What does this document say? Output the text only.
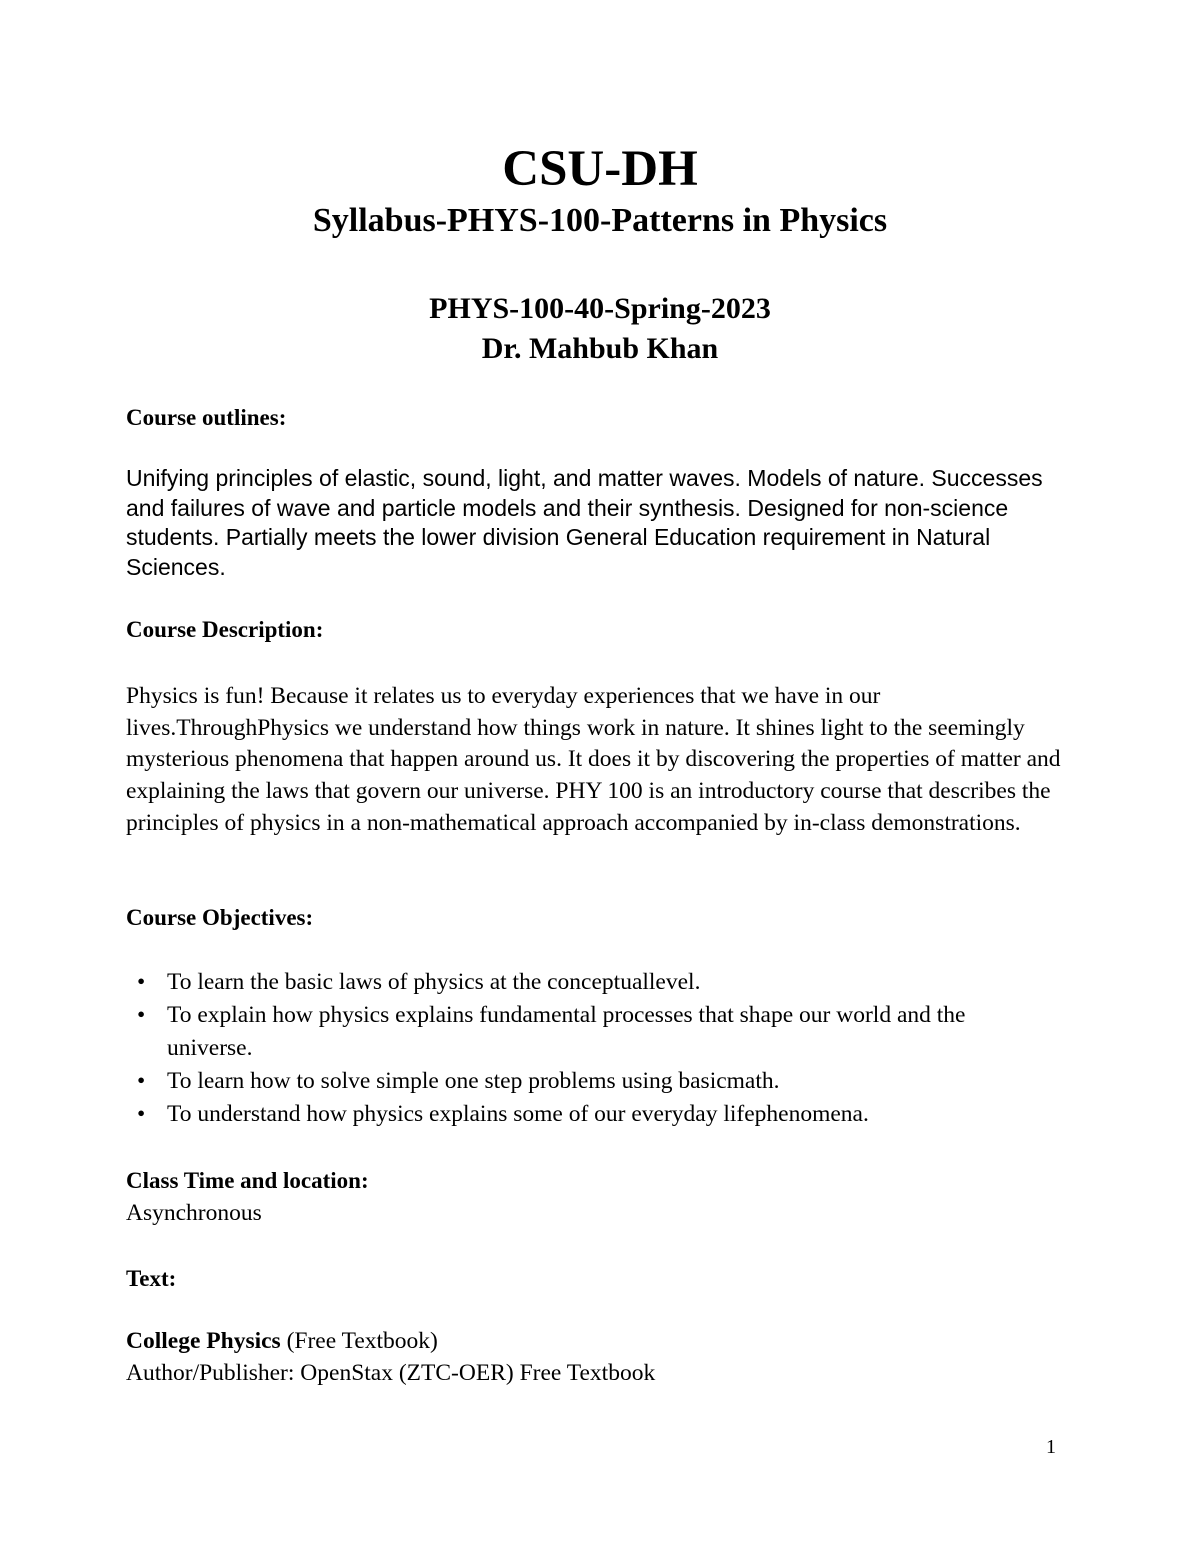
CSU-DH
Syllabus-PHYS-100-Patterns in Physics
PHYS-100-40-Spring-2023
Dr. Mahbub Khan
Course outlines:

Unifying principles of elastic, sound, light, and matter waves. Models of nature. Successes and failures of wave and particle models and their synthesis. Designed for non-science students. Partially meets the lower division General Education requirement in Natural Sciences.

Course Description:

Physics is fun! Because it relates us to everyday experiences that we have in our lives.ThroughPhysics we understand how things work in nature. It shines light to the seemingly mysterious phenomena that happen around us. It does it by discovering the properties of matter and explaining the laws that govern our universe. PHY 100 is an introductory course that describes the principles of physics in a non-mathematical approach accompanied by in-class demonstrations.

Course Objectives:
• To learn the basic laws of physics at the conceptuallevel.
• To explain how physics explains fundamental processes that shape our world and the universe.
• To learn how to solve simple one step problems using basicmath.
• To understand how physics explains some of our everyday lifephenomena.
Class Time and location:
Asynchronous
Text:
College Physics (Free Textbook)
Author/Publisher: OpenStax (ZTC-OER) Free Textbook
1
